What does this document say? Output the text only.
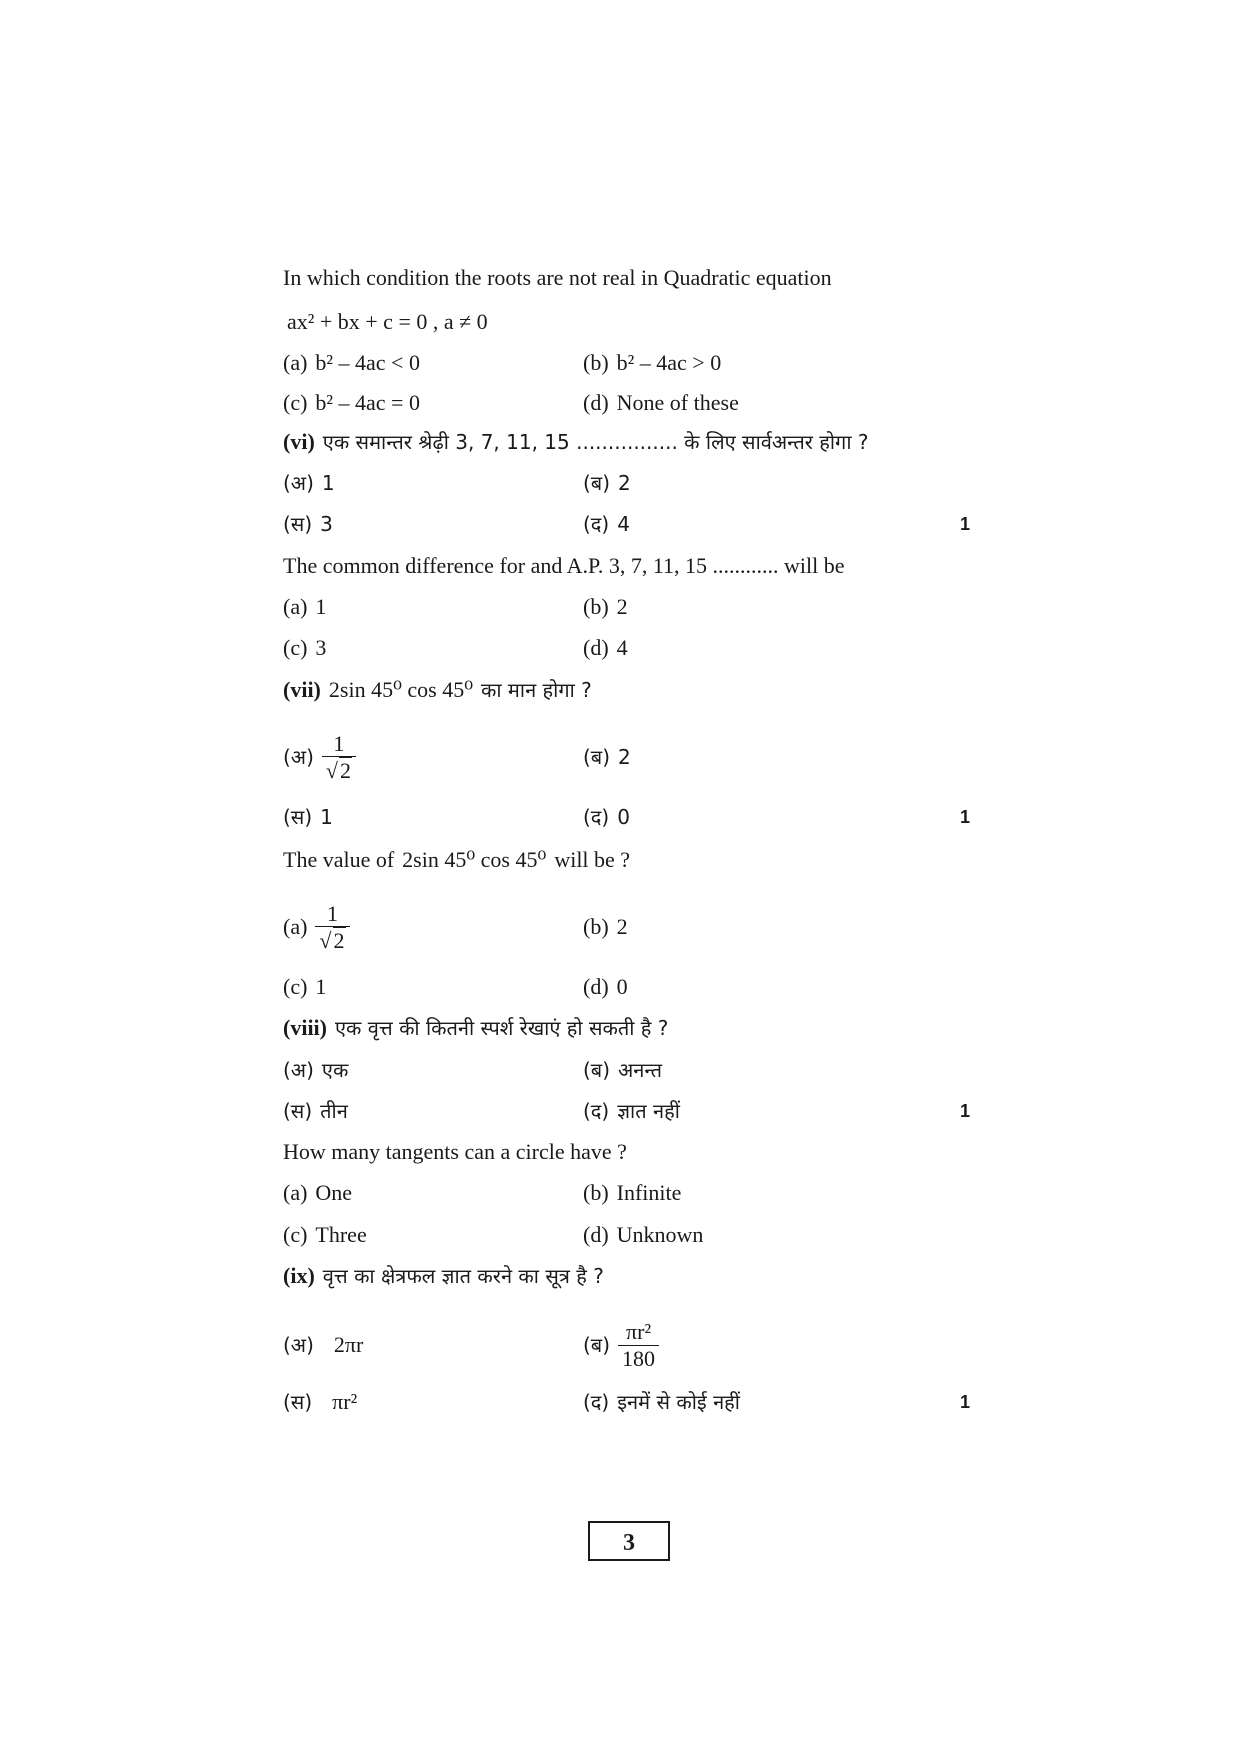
In which condition the roots are not real in Quadratic equation
ax² + bx + c = 0 , a ≠ 0
(a) b² – 4ac < 0	(b) b² – 4ac > 0
(c) b² – 4ac = 0	(d) None of these
(vi) एक समान्तर श्रेढ़ी 3, 7, 11, 15 ................ के लिए सार्वअन्तर होगा ?
(अ) 1	(ब) 2
(स) 3	(द) 4	1
The common difference for and A.P. 3, 7, 11, 15 ............ will be
(a) 1	(b) 2
(c) 3	(d) 4
(vii) 2sin 45⁰ cos 45⁰ का मान होगा ?
(अ) $\frac{1}{√2}$	(ब) 2
(स) 1	(द) 0	1
The value of 2sin 45⁰ cos 45⁰ will be ?
$(a) \frac{1}{√2}$	(b) 2
(c) 1	(d) 0
(viii) एक वृत्त की कितनी स्पर्श रेखाएं हो सकती है ?
(अ) एक	(ब) अनन्त
(स) तीन	(द) ज्ञात नहीं	1
How many tangents can a circle have ?
(a) One	(b) Infinite
(c) Three	(d) Unknown
(ix) वृत्त का क्षेत्रफल ज्ञात करने का सूत्र है ?
(अ) 2πr	(ब) $\frac{\text{πr²}}{180}$
(स) πr²	(द) इनमें से कोई नहीं	1
3
